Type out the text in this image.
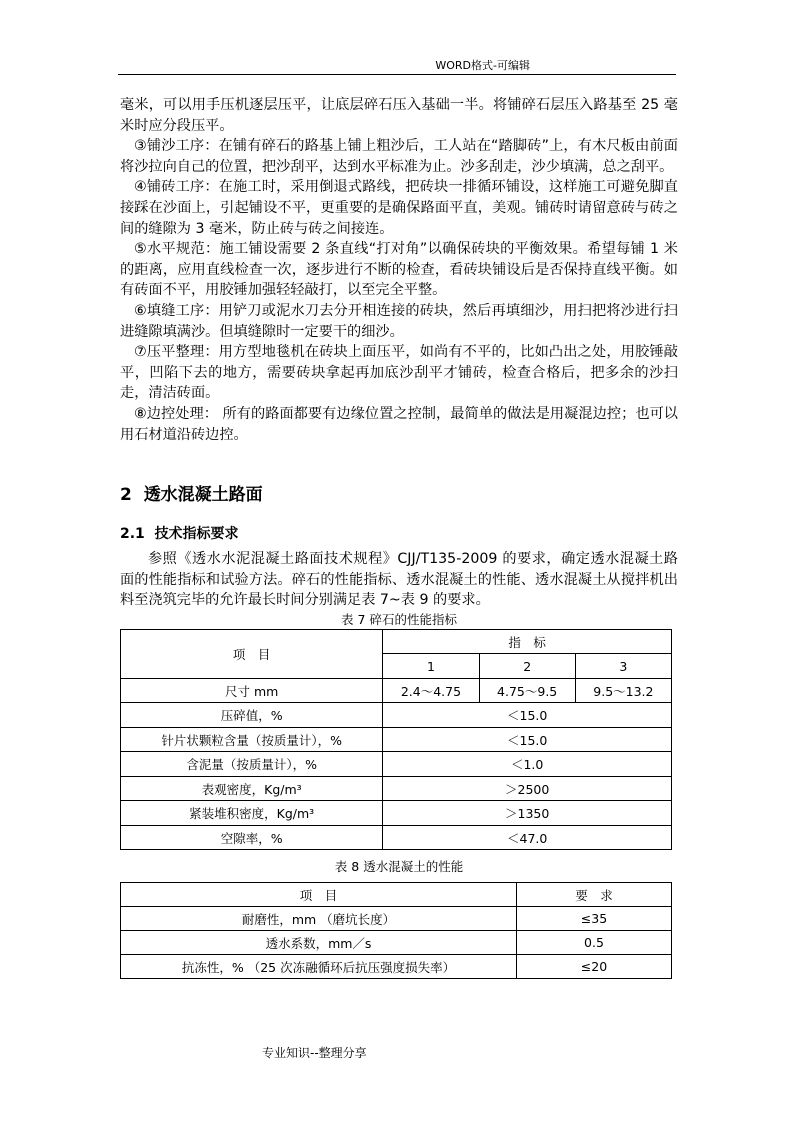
WORD格式-可编辑

毫米，可以用手压机逐层压平，让底层碎石压入基础一半。将铺碎石层压入路基至 25 毫米时应分段压平。

③铺沙工序：在铺有碎石的路基上铺上粗沙后，工人站在“踏脚砖”上，有木尺板由前面将沙拉向自己的位置，把沙刮平，达到水平标准为止。沙多刮走，沙少填满，总之刮平。

④铺砖工序：在施工时，采用倒退式路线，把砖块一排循环铺设，这样施工可避免脚直接踩在沙面上，引起铺设不平，更重要的是确保路面平直，美观。铺砖时请留意砖与砖之间的缝隙为 3 毫米，防止砖与砖之间接连。

⑤水平规范：施工铺设需要 2 条直线“打对角”以确保砖块的平衡效果。希望每铺 1 米的距离，应用直线检查一次，逐步进行不断的检查，看砖块铺设后是否保持直线平衡。如有砖面不平，用胶锤加强轻轻敲打，以至完全平整。

⑥填缝工序：用铲刀或泥水刀去分开相连接的砖块，然后再填细沙，用扫把将沙进行扫进缝隙填满沙。但填缝隙时一定要干的细沙。

⑦压平整理：用方型地毯机在砖块上面压平，如尚有不平的，比如凸出之处，用胶锤敲平，凹陷下去的地方，需要砖块拿起再加底沙刮平才铺砖，检查合格后，把多余的沙扫走，清洁砖面。

⑧边控处理： 所有的路面都要有边缘位置之控制，最简单的做法是用凝混边控；也可以用石材道沿砖边控。

2 透水混凝土路面
2.1 技术指标要求

参照《透水水泥混凝土路面技术规程》CJJ/T135-2009 的要求，确定透水混凝土路面的性能指标和试验方法。碎石的性能指标、透水混凝土的性能、透水混凝土从搅拌机出料至浇筑完毕的允许最长时间分别满足表 7~表 9 的要求。

表 7 碎石的性能指标
项　目	指　标		
	1	2	3
尺寸 mm	2.4～4.75	4.75～9.5	9.5～13.2
压碎值，%	＜15.0		
针片状颗粒含量（按质量计），%	＜15.0		
含泥量（按质量计），%	＜1.0		
表观密度，Kg/m³	＞2500		
紧装堆积密度，Kg/m³	＞1350		
空隙率，%	＜47.0		
表 8 透水混凝土的性能
项　目	要　求
耐磨性，mm （磨坑长度）	≤35
透水系数，mm／s	0.5
抗冻性，% （25 次冻融循环后抗压强度损失率）	≤20
专业知识--整理分享
